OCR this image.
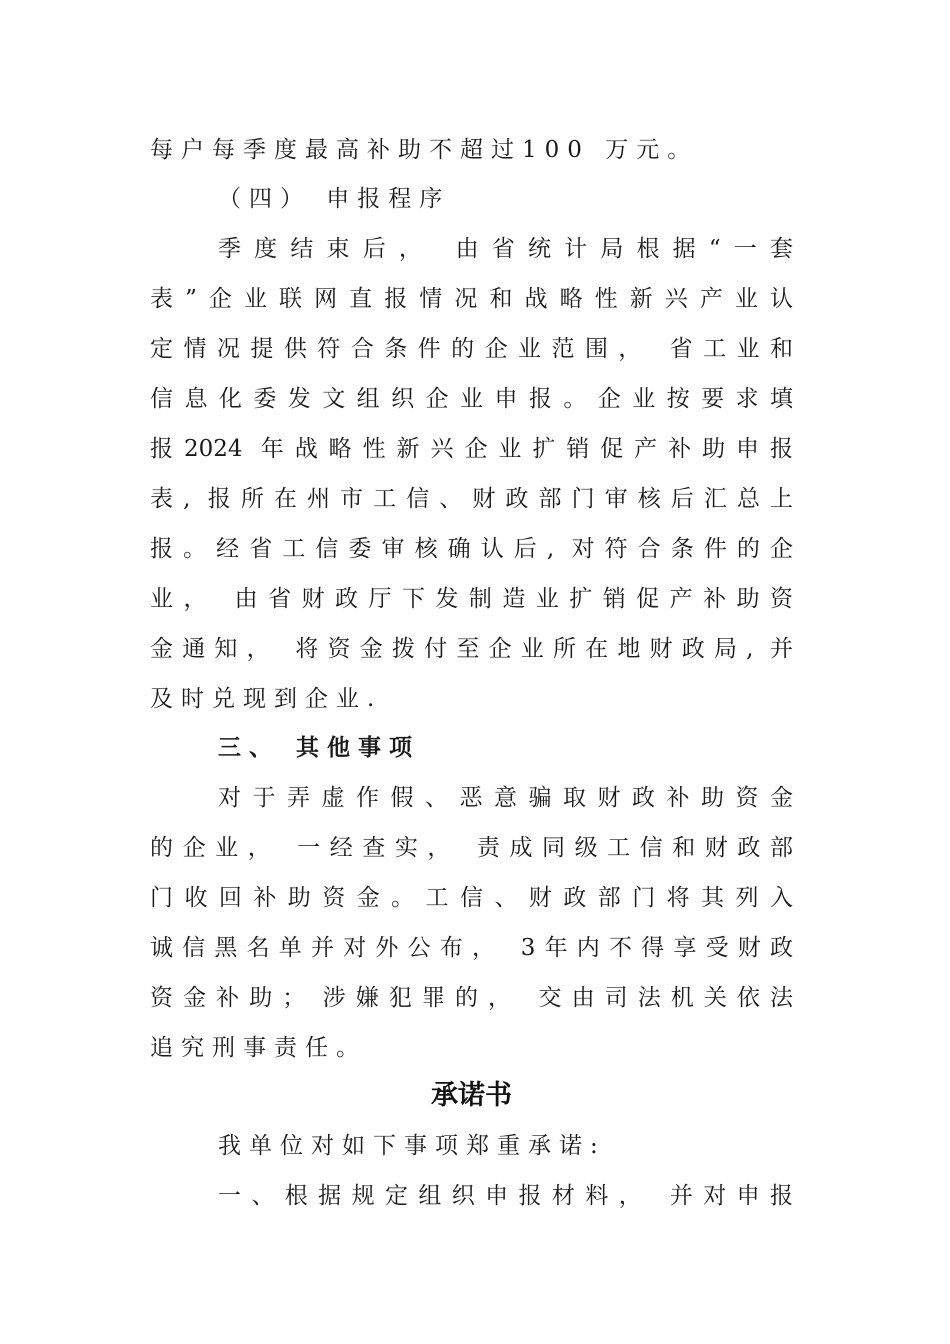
每户每季度最高补助不超过100 万元。
（四） 申报程序
季度结束后， 由省统计局根据“一套
表”企业联网直报情况和战略性新兴产业认
定情况提供符合条件的企业范围， 省工业和
信息化委发文组织企业申报。企业按要求填
报2024 年战略性新兴企业扩销促产补助申报
表, 报所在州市工信、财政部门审核后汇总上
报。经省工信委审核确认后, 对符合条件的企
业， 由省财政厅下发制造业扩销促产补助资
金通知， 将资金拨付至企业所在地财政局, 并
及时兑现到企业.
三、 其他事项
对于弄虚作假、恶意骗取财政补助资金
的企业， 一经查实， 责成同级工信和财政部
门收回补助资金。工信、财政部门将其列入
诚信黑名单并对外公布， 3年内不得享受财政
资金补助； 涉嫌犯罪的， 交由司法机关依法
追究刑事责任。
承诺书
我单位对如下事项郑重承诺:
一、根据规定组织申报材料， 并对申报
